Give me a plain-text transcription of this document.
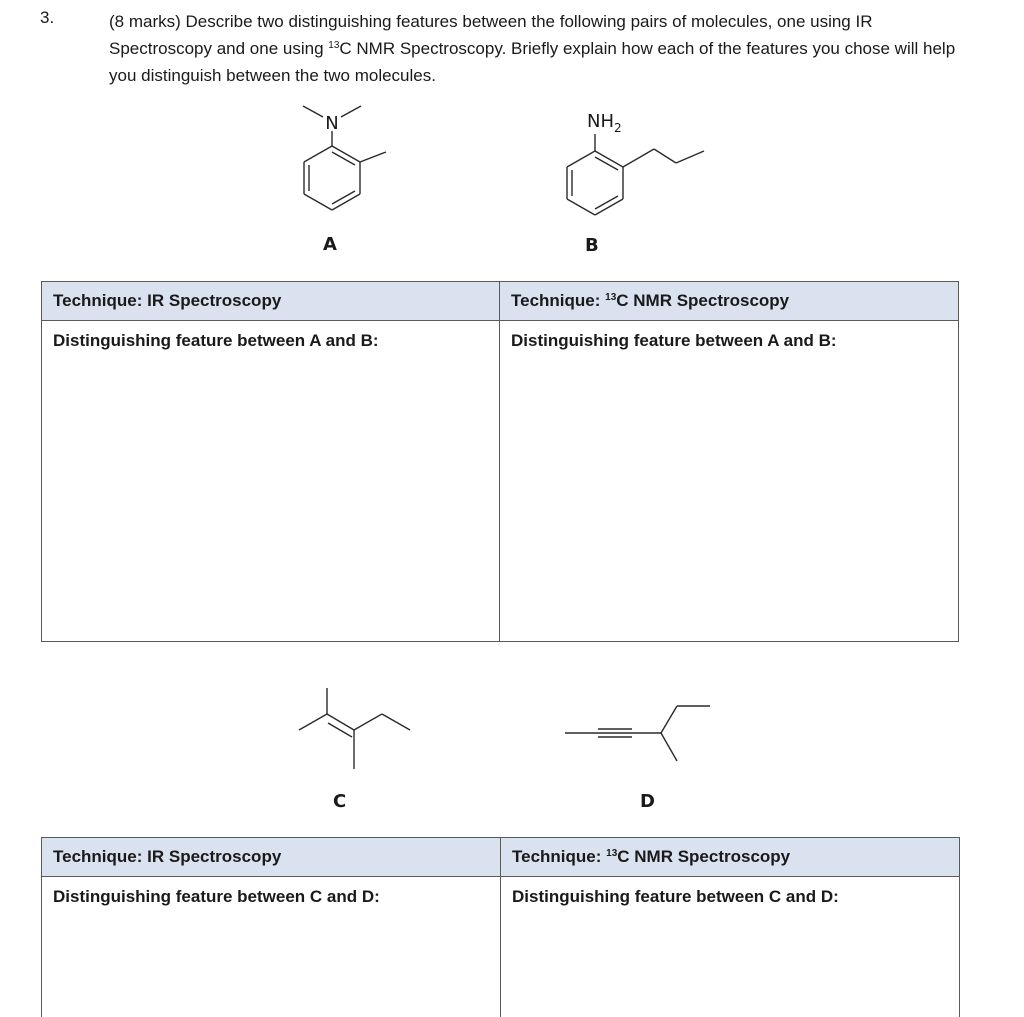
3.	(8 marks) Describe two distinguishing features between the following pairs of molecules, one using IR Spectroscopy and one using $^{13}$C NMR Spectroscopy. Briefly explain how each of the features you chose will help you distinguish between the two molecules.
N
A
$NH_2$
B
Technique: IR Spectroscopy	Technique: $^{13}$C NMR Spectroscopy
Distinguishing feature between A and B:	Distinguishing feature between A and B:

C	D
Technique: IR Spectroscopy	Technique: $^{13}$C NMR Spectroscopy
Distinguishing feature between C and D:	Distinguishing feature between C and D:
